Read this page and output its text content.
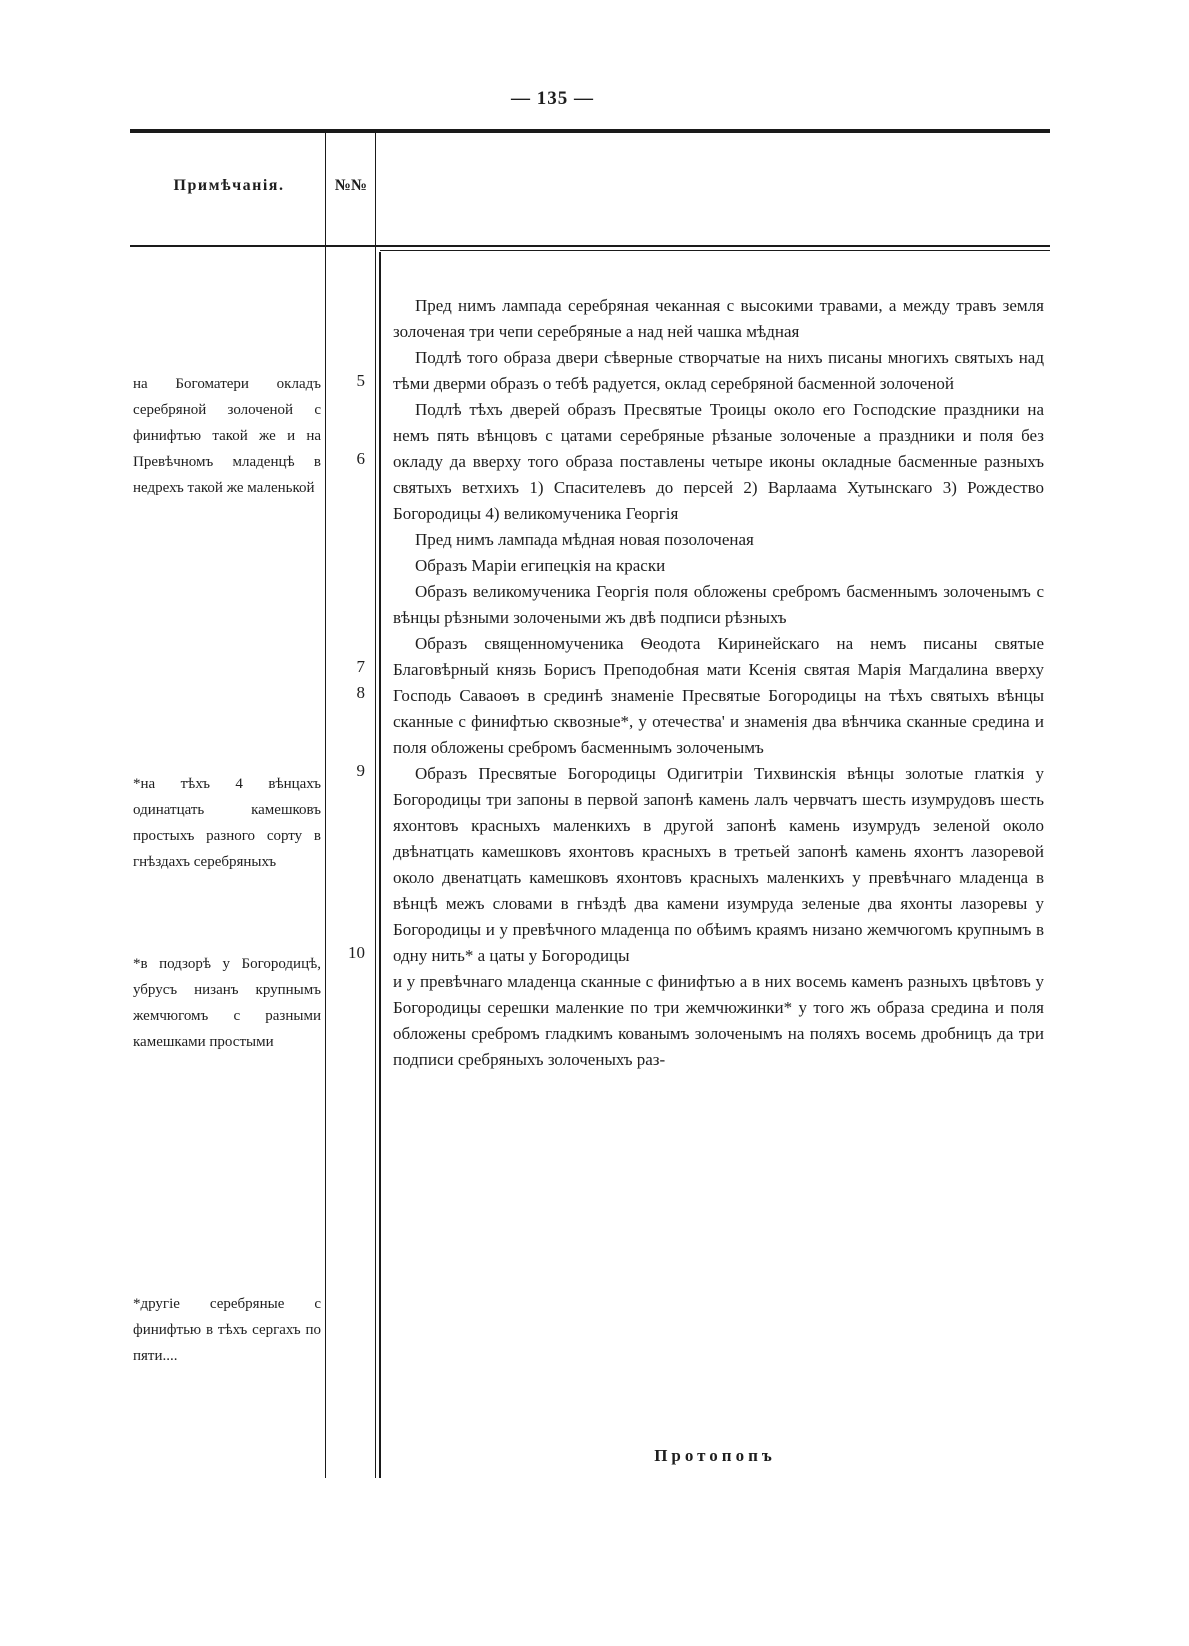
— 135 —
Примѣчанія.	№№
на Богоматери окладъ серебряной золоченой с финифтью такой же и на Превѣчномъ младенцѣ в недрехъ такой же маленькой
*на тѣхъ 4 вѣнцахъ одинатцать камешковъ простыхъ разного сорту в гнѣздахъ серебряныхъ
*в подзорѣ у Богородицѣ, убрусъ низанъ крупнымъ жемчюгомъ с разными камешками простыми
*другіе серебряные с финифтью в тѣхъ сергахъ по пяти....
5
6
7
8
9
10

Пред нимъ лампада серебряная чеканная с высокими травами, а между травъ земля золоченая три чепи серебряные а над ней чашка мѣдная

Подлѣ того образа двери сѣверные створчатые на нихъ писаны многихъ святыхъ над тѣми дверми образъ о тебѣ радуется, оклад серебряной басменной золоченой

Подлѣ тѣхъ дверей образъ Пресвятые Троицы около его Господские праздники на немъ пять вѣнцовъ с цатами серебряные рѣзаные золоченые а праздники и поля без окладу да вверху того образа поставлены четыре иконы окладные басменные разныхъ святыхъ ветхихъ 1) Спасителевъ до персей 2) Варлаама Хутынскаго 3) Рождество Богородицы 4) великомученика Георгія

Пред нимъ лампада мѣдная новая позолоченая

Образъ Маріи египецкія на краски

Образъ великомученика Георгія поля обложены сребромъ басменнымъ золоченымъ с вѣнцы рѣзными золочеными жъ двѣ подписи рѣзныхъ

Образъ священномученика Ѳеодота Киринейскаго на немъ писаны святые Благовѣрный князь Борисъ Преподобная мати Ксенія святая Марія Магдалина вверху Господь Саваоѳъ в срединѣ знаменіе Пресвятые Богородицы на тѣхъ святыхъ вѣнцы сканные с финифтью сквозные*, у отечества' и знаменія два вѣнчика сканные средина и поля обложены сребромъ басменнымъ золоченымъ

Образъ Пресвятые Богородицы Одигитріи Тихвинскія вѣнцы золотые глаткія у Богородицы три запоны в первой запонѣ камень лалъ червчатъ шесть изумрудовъ шесть яхонтовъ красныхъ маленкихъ в другой запонѣ камень изумрудъ зеленой около двѣнатцать камешковъ яхонтовъ красныхъ в третьей запонѣ камень яхонтъ лазоревой около двенатцать камешковъ яхонтовъ красныхъ маленкихъ у превѣчнаго младенца в вѣнцѣ межъ словами в гнѣздѣ два камени изумруда зеленые два яхонты лазоревы у Богородицы и у превѣчного младенца по обѣимъ краямъ низано жемчюгомъ крупнымъ в одну нить* а цаты у Богородицы

и у превѣчнаго младенца сканные с финифтью а в них восемь каменъ разныхъ цвѣтовъ у Богородицы серешки маленкие по три жемчюжинки* у того жъ образа средина и поля обложены сребромъ гладкимъ кованымъ золоченымъ на поляхъ восемь дробницъ да три подписи сребряныхъ золоченыхъ раз-

Протопопъ
